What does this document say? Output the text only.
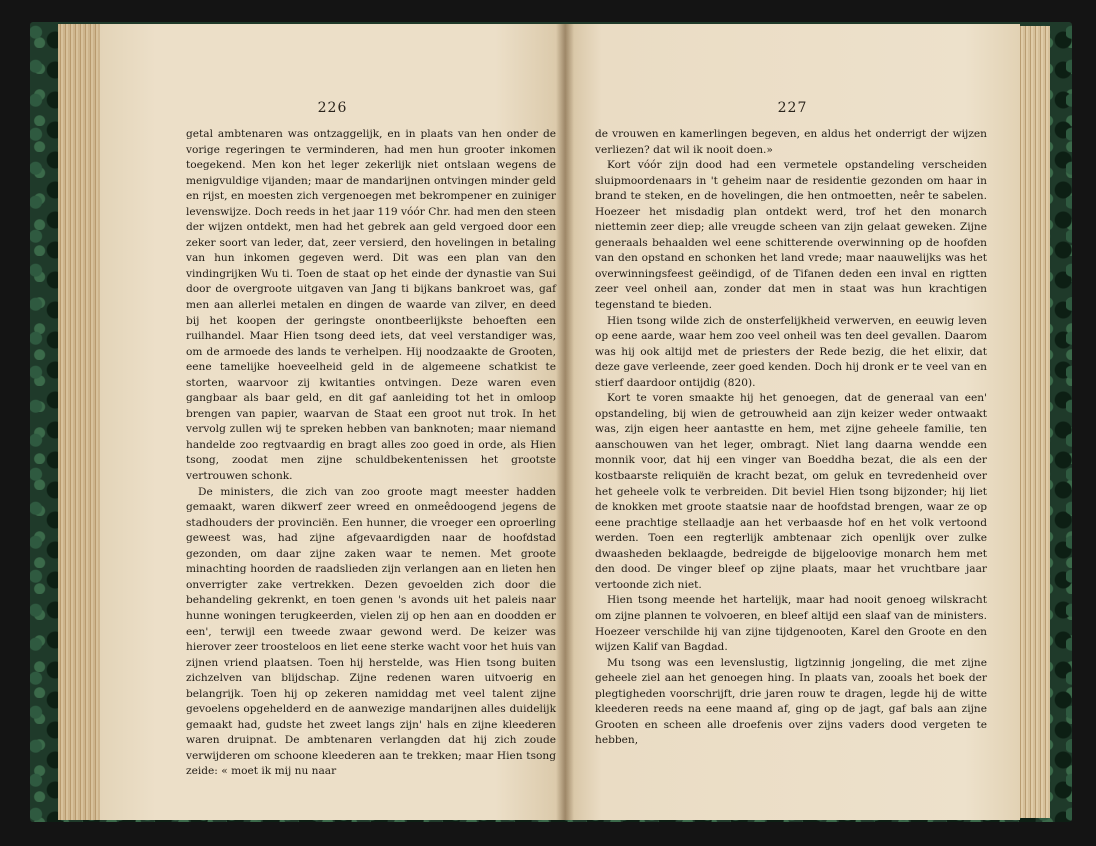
226

getal ambtenaren was ontzaggelijk, en in plaats van hen onder de vorige regeringen te verminderen, had men hun grooter inkomen toegekend. Men kon het leger zekerlijk niet ontslaan wegens de menigvuldige vijanden; maar de mandarijnen ontvingen minder geld en rijst, en moesten zich vergenoegen met bekrompener en zuiniger levenswijze. Doch reeds in het jaar 119 vóór Chr. had men den steen der wijzen ontdekt, men had het gebrek aan geld vergoed door een zeker soort van leder, dat, zeer versierd, den hovelingen in betaling van hun inkomen gegeven werd. Dit was een plan van den vindingrijken Wu ti. Toen de staat op het einde der dynastie van Sui door de overgroote uitgaven van Jang ti bijkans bankroet was, gaf men aan allerlei metalen en dingen de waarde van zilver, en deed bij het koopen der geringste onontbeerlijkste behoeften een ruilhandel. Maar Hien tsong deed iets, dat veel verstandiger was, om de armoede des lands te verhelpen. Hij noodzaakte de Grooten, eene tamelijke hoeveelheid geld in de algemeene schatkist te storten, waarvoor zij kwitanties ontvingen. Deze waren even gangbaar als baar geld, en dit gaf aanleiding tot het in omloop brengen van papier, waarvan de Staat een groot nut trok. In het vervolg zullen wij te spreken hebben van banknoten; maar niemand handelde zoo regtvaardig en bragt alles zoo goed in orde, als Hien tsong, zoodat men zijne schuldbekentenissen het grootste vertrouwen schonk.

De ministers, die zich van zoo groote magt meester hadden gemaakt, waren dikwerf zeer wreed en onmeêdoogend jegens de stadhouders der provinciën. Een hunner, die vroeger een oproerling geweest was, had zijne afgevaardigden naar de hoofdstad gezonden, om daar zijne zaken waar te nemen. Met groote minachting hoorden de raadslieden zijn verlangen aan en lieten hen onverrigter zake vertrekken. Dezen gevoelden zich door die behandeling gekrenkt, en toen genen 's avonds uit het paleis naar hunne woningen terugkeerden, vielen zij op hen aan en doodden er een', terwijl een tweede zwaar gewond werd. De keizer was hierover zeer troosteloos en liet eene sterke wacht voor het huis van zijnen vriend plaatsen. Toen hij herstelde, was Hien tsong buiten zichzelven van blijdschap. Zijne redenen waren uitvoerig en belangrijk. Toen hij op zekeren namiddag met veel talent zijne gevoelens opgehelderd en de aanwezige mandarijnen alles duidelijk gemaakt had, gudste het zweet langs zijn' hals en zijne kleederen waren druipnat. De ambtenaren verlangden dat hij zich zoude verwijderen om schoone kleederen aan te trekken; maar Hien tsong zeide: « moet ik mij nu naar

227

de vrouwen en kamerlingen begeven, en aldus het onderrigt der wijzen verliezen? dat wil ik nooit doen.»

Kort vóór zijn dood had een vermetele opstandeling verscheiden sluipmoordenaars in 't geheim naar de residentie gezonden om haar in brand te steken, en de hovelingen, die hen ontmoetten, neêr te sabelen. Hoezeer het misdadig plan ontdekt werd, trof het den monarch niettemin zeer diep; alle vreugde scheen van zijn gelaat geweken. Zijne generaals behaalden wel eene schitterende overwinning op de hoofden van den opstand en schonken het land vrede; maar naauwelijks was het overwinningsfeest geëindigd, of de Tifanen deden een inval en rigtten zeer veel onheil aan, zonder dat men in staat was hun krachtigen tegenstand te bieden.

Hien tsong wilde zich de onsterfelijkheid verwerven, en eeuwig leven op eene aarde, waar hem zoo veel onheil was ten deel gevallen. Daarom was hij ook altijd met de priesters der Rede bezig, die het elixir, dat deze gave verleende, zeer goed kenden. Doch hij dronk er te veel van en stierf daardoor ontijdig (820).

Kort te voren smaakte hij het genoegen, dat de generaal van een' opstandeling, bij wien de getrouwheid aan zijn keizer weder ontwaakt was, zijn eigen heer aantastte en hem, met zijne geheele familie, ten aanschouwen van het leger, ombragt. Niet lang daarna wendde een monnik voor, dat hij een vinger van Boeddha bezat, die als een der kostbaarste reliquiën de kracht bezat, om geluk en tevredenheid over het geheele volk te verbreiden. Dit beviel Hien tsong bijzonder; hij liet de knokken met groote staatsie naar de hoofdstad brengen, waar ze op eene prachtige stellaadje aan het verbaasde hof en het volk vertoond werden. Toen een regterlijk ambtenaar zich openlijk over zulke dwaasheden beklaagde, bedreigde de bijgeloovige monarch hem met den dood. De vinger bleef op zijne plaats, maar het vruchtbare jaar vertoonde zich niet.

Hien tsong meende het hartelijk, maar had nooit genoeg wilskracht om zijne plannen te volvoeren, en bleef altijd een slaaf van de ministers. Hoezeer verschilde hij van zijne tijdgenooten, Karel den Groote en den wijzen Kalif van Bagdad.

Mu tsong was een levenslustig, ligtzinnig jongeling, die met zijne geheele ziel aan het genoegen hing. In plaats van, zooals het boek der plegtigheden voorschrijft, drie jaren rouw te dragen, legde hij de witte kleederen reeds na eene maand af, ging op de jagt, gaf bals aan zijne Grooten en scheen alle droefenis over zijns vaders dood vergeten te hebben,
